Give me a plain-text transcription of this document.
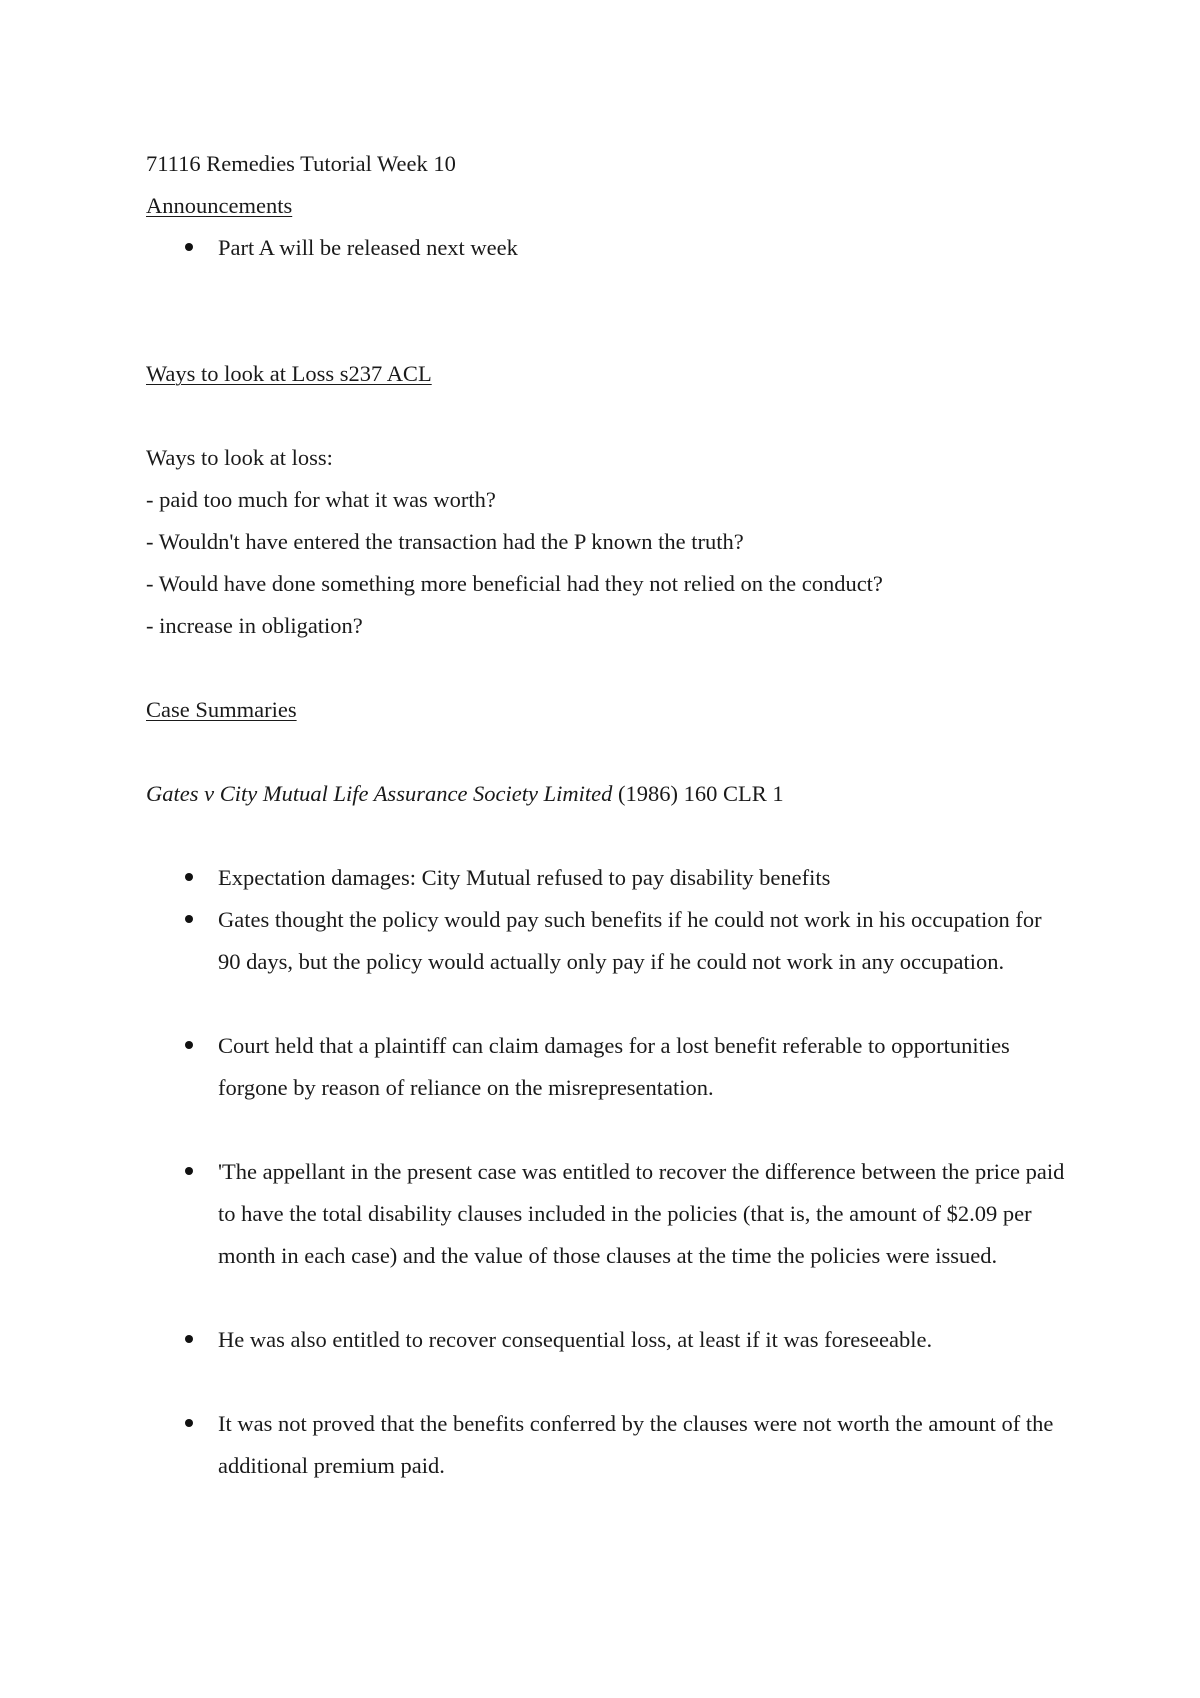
71116 Remedies Tutorial Week 10

Announcements

Part A will be released next week

Ways to look at Loss s237 ACL

Ways to look at loss:

- paid too much for what it was worth?

- Wouldn't have entered the transaction had the P known the truth?

- Would have done something more beneficial had they not relied on the conduct?

- increase in obligation?

Case Summaries

Gates v City Mutual Life Assurance Society Limited (1986) 160 CLR 1

Expectation damages: City Mutual refused to pay disability benefits
Gates thought the policy would pay such benefits if he could not work in his occupation for 90 days, but the policy would actually only pay if he could not work in any occupation.
Court held that a plaintiff can claim damages for a lost benefit referable to opportunities forgone by reason of reliance on the misrepresentation.
'The appellant in the present case was entitled to recover the difference between the price paid to have the total disability clauses included in the policies (that is, the amount of $2.09 per month in each case) and the value of those clauses at the time the policies were issued.
He was also entitled to recover consequential loss, at least if it was foreseeable.
It was not proved that the benefits conferred by the clauses were not worth the amount of the additional premium paid.
